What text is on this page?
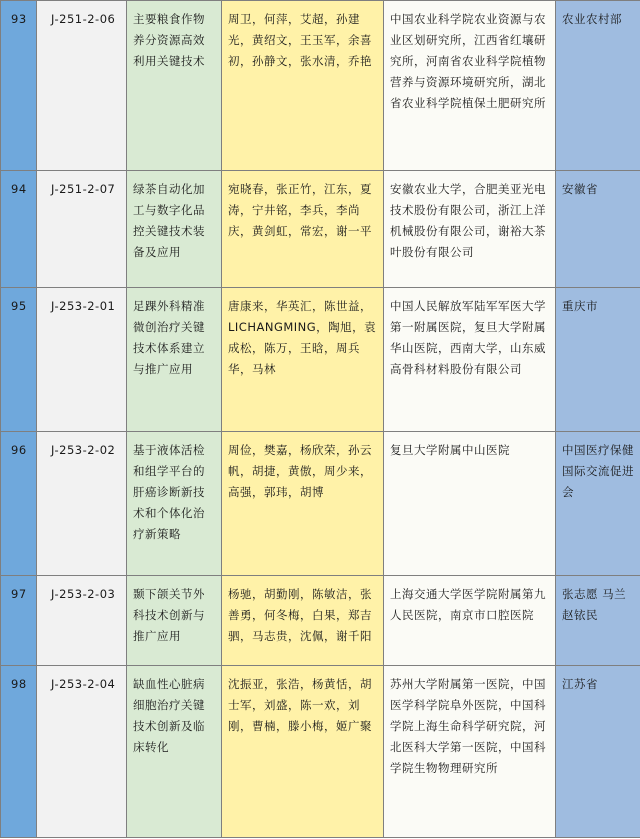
93	J-251-2-06	主要粮食作物养分资源高效利用关键技术	周卫，何萍，艾超，孙建光，黄绍文，王玉军，余喜初，孙静文，张水清，乔艳	中国农业科学院农业资源与农业区划研究所，江西省红壤研究所，河南省农业科学院植物营养与资源环境研究所，湖北省农业科学院植保土肥研究所	农业农村部
94	J-251-2-07	绿茶自动化加工与数字化品控关键技术装备及应用	宛晓春，张正竹，江东，夏涛，宁井铭，李兵，李尚庆，黄剑虹，常宏，谢一平	安徽农业大学，合肥美亚光电技术股份有限公司，浙江上洋机械股份有限公司，谢裕大茶叶股份有限公司	安徽省
95	J-253-2-01	足踝外科精准微创治疗关键技术体系建立与推广应用	唐康来，华英汇，陈世益，LICHANGMING，陶旭，袁成松，陈万，王晗，周兵华，马林	中国人民解放军陆军军医大学第一附属医院，复旦大学附属华山医院，西南大学，山东威高骨科材料股份有限公司	重庆市
96	J-253-2-02	基于液体活检和组学平台的肝癌诊断新技术和个体化治疗新策略	周俭，樊嘉，杨欣荣，孙云帆，胡捷，黄傲，周少来，高强，郭玮，胡博	复旦大学附属中山医院	中国医疗保健国际交流促进会
97	J-253-2-03	颞下颌关节外科技术创新与推广应用	杨驰，胡勤刚，陈敏洁，张善勇，何冬梅，白果，郑吉驷，马志贵，沈佩，谢千阳	上海交通大学医学院附属第九人民医院，南京市口腔医院	张志愿 马兰 赵铱民
98	J-253-2-04	缺血性心脏病细胞治疗关键技术创新及临床转化	沈振亚，张浩，杨黄恬，胡士军，刘盛，陈一欢，刘刚，曹楠，滕小梅，姬广聚	苏州大学附属第一医院，中国医学科学院阜外医院，中国科学院上海生命科学研究院，河北医科大学第一医院，中国科学院生物物理研究所	江苏省
